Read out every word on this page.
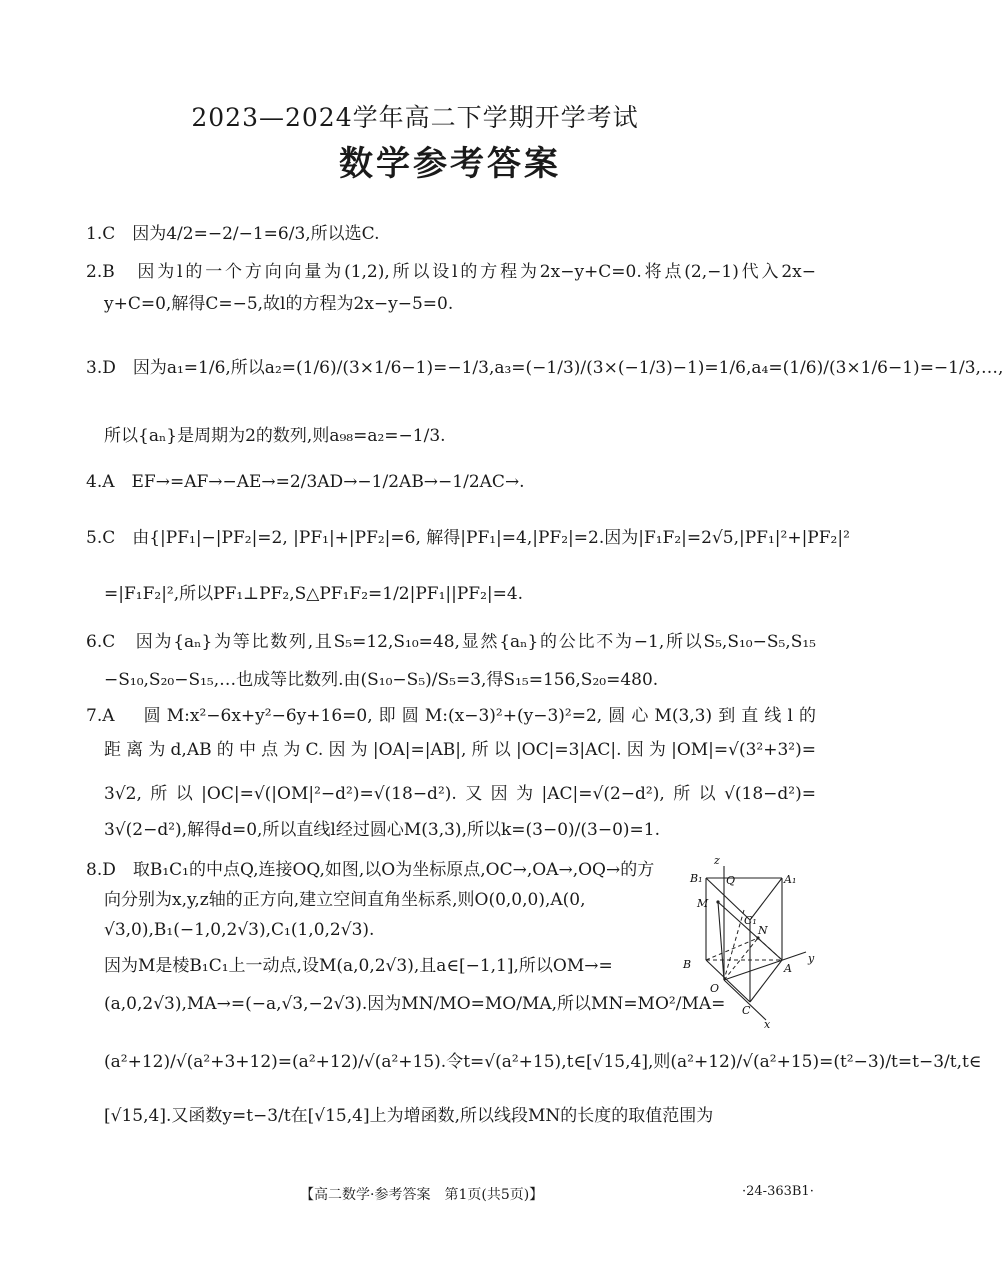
2023—2024学年高二下学期开学考试
数学参考答案
1.C　因为4/2=−2/−1=6/3,所以选C.
2.B　因为l的一个方向向量为(1,2),所以设l的方程为2x−y+C=0.将点(2,−1)代入2x−
y+C=0,解得C=−5,故l的方程为2x−y−5=0.
3.D　因为a₁=1/6,所以a₂=(1/6)/(3×1/6−1)=−1/3,a₃=(−1/3)/(3×(−1/3)−1)=1/6,a₄=(1/6)/(3×1/6−1)=−1/3,…,
所以{aₙ}是周期为2的数列,则a₉₈=a₂=−1/3.
4.A　EF→=AF→−AE→=2/3AD→−1/2AB→−1/2AC→.
5.C　由{|PF₁|−|PF₂|=2, |PF₁|+|PF₂|=6, 解得|PF₁|=4,|PF₂|=2.因为|F₁F₂|=2√5,|PF₁|²+|PF₂|²
=|F₁F₂|²,所以PF₁⊥PF₂,S△PF₁F₂=1/2|PF₁||PF₂|=4.
6.C　因为{aₙ}为等比数列,且S₅=12,S₁₀=48,显然{aₙ}的公比不为−1,所以S₅,S₁₀−S₅,S₁₅
−S₁₀,S₂₀−S₁₅,…也成等比数列.由(S₁₀−S₅)/S₅=3,得S₁₅=156,S₂₀=480.
7.A　圆M:x²−6x+y²−6y+16=0,即圆M:(x−3)²+(y−3)²=2,圆心M(3,3)到直线l的
距离为d,AB的中点为C.因为|OA|=|AB|,所以|OC|=3|AC|.因为|OM|=√(3²+3²)=
3√2,所以|OC|=√(|OM|²−d²)=√(18−d²).又因为|AC|=√(2−d²),所以√(18−d²)=
3√(2−d²),解得d=0,所以直线l经过圆心M(3,3),所以k=(3−0)/(3−0)=1.
8.D　取B₁C₁的中点Q,连接OQ,如图,以O为坐标原点,OC→,OA→,OQ→的方
向分别为x,y,z轴的正方向,建立空间直角坐标系,则O(0,0,0),A(0,
√3,0),B₁(−1,0,2√3),C₁(1,0,2√3).
因为M是棱B₁C₁上一动点,设M(a,0,2√3),且a∈[−1,1],所以OM→=
(a,0,2√3),MA→=(−a,√3,−2√3).因为MN/MO=MO/MA,所以MN=MO²/MA=
(a²+12)/√(a²+3+12)=(a²+12)/√(a²+15).令t=√(a²+15),t∈[√15,4],则(a²+12)/√(a²+15)=(t²−3)/t=t−3/t,t∈
[√15,4].又函数y=t−3/t在[√15,4]上为增函数,所以线段MN的长度的取值范围为
B₁	A₁
Q
M
C₁
N
B	A
O
C
x
y
z
【高二数学·参考答案　第1页(共5页)】	·24-363B1·
